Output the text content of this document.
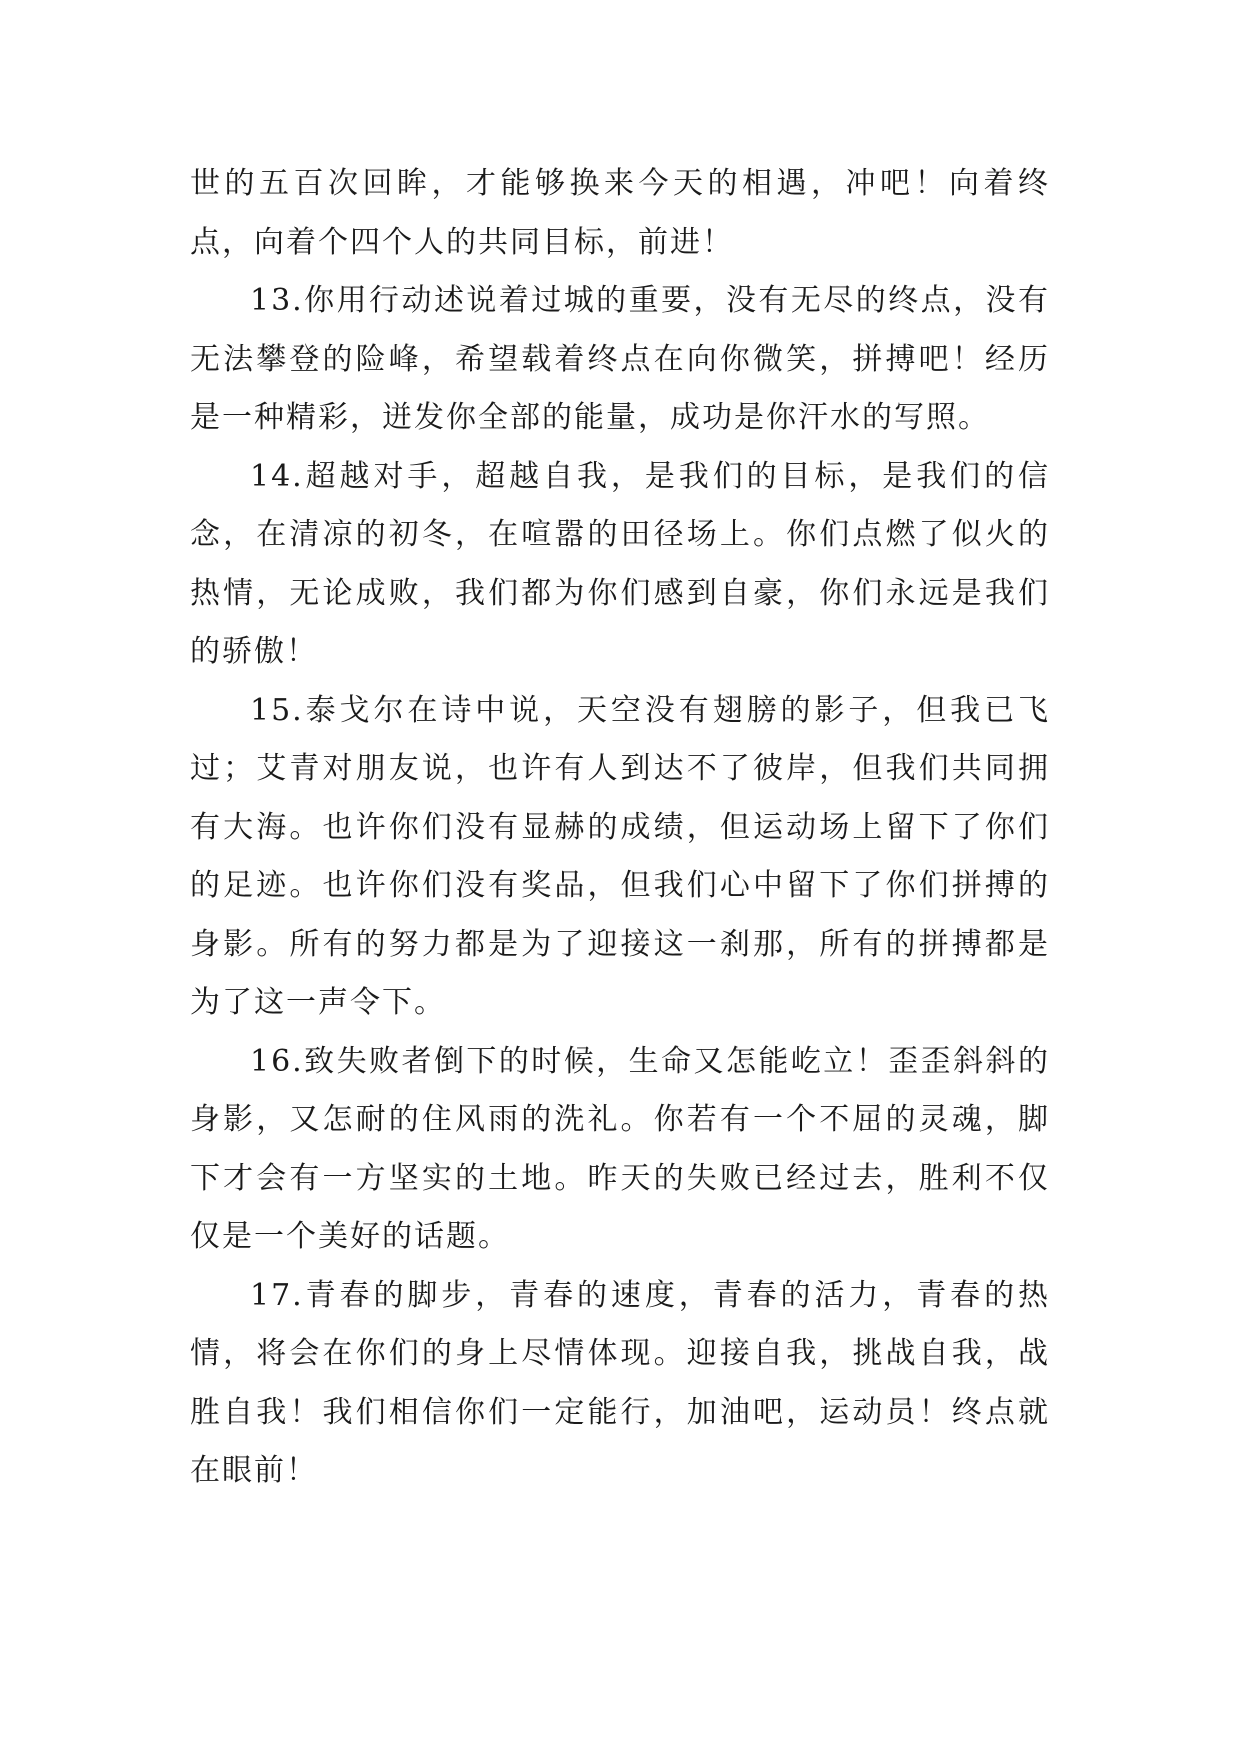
世的五百次回眸，才能够换来今天的相遇，冲吧！向着终点，向着个四个人的共同目标，前进！

13.你用行动述说着过城的重要，没有无尽的终点，没有无法攀登的险峰，希望载着终点在向你微笑，拼搏吧！经历是一种精彩，迸发你全部的能量，成功是你汗水的写照。

14.超越对手，超越自我，是我们的目标，是我们的信念，在清凉的初冬，在喧嚣的田径场上。你们点燃了似火的热情，无论成败，我们都为你们感到自豪，你们永远是我们的骄傲！

15.泰戈尔在诗中说，天空没有翅膀的影子，但我已飞过；艾青对朋友说，也许有人到达不了彼岸，但我们共同拥有大海。也许你们没有显赫的成绩，但运动场上留下了你们的足迹。也许你们没有奖品，但我们心中留下了你们拼搏的身影。所有的努力都是为了迎接这一刹那，所有的拼搏都是为了这一声令下。

16.致失败者倒下的时候，生命又怎能屹立！歪歪斜斜的身影，又怎耐的住风雨的洗礼。你若有一个不屈的灵魂，脚下才会有一方坚实的土地。昨天的失败已经过去，胜利不仅仅是一个美好的话题。

17.青春的脚步，青春的速度，青春的活力，青春的热情，将会在你们的身上尽情体现。迎接自我，挑战自我，战胜自我！我们相信你们一定能行，加油吧，运动员！终点就在眼前！
